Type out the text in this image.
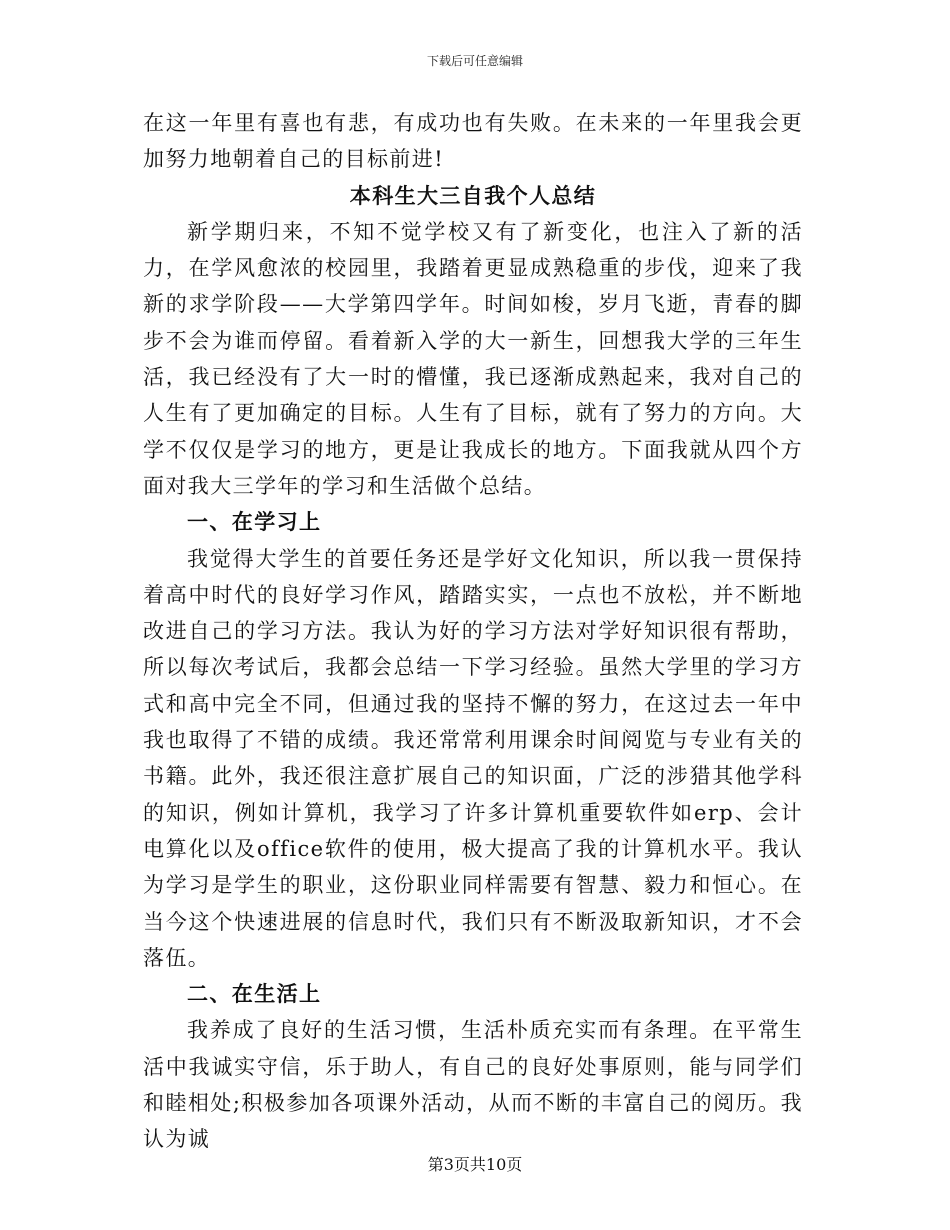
下载后可任意编辑

在这一年里有喜也有悲，有成功也有失败。在未来的一年里我会更加努力地朝着自己的目标前进!

本科生大三自我个人总结

新学期归来，不知不觉学校又有了新变化，也注入了新的活力，在学风愈浓的校园里，我踏着更显成熟稳重的步伐，迎来了我新的求学阶段——大学第四学年。时间如梭，岁月飞逝，青春的脚步不会为谁而停留。看着新入学的大一新生，回想我大学的三年生活，我已经没有了大一时的懵懂，我已逐渐成熟起来，我对自己的人生有了更加确定的目标。人生有了目标，就有了努力的方向。大学不仅仅是学习的地方，更是让我成长的地方。下面我就从四个方面对我大三学年的学习和生活做个总结。

一、在学习上

我觉得大学生的首要任务还是学好文化知识，所以我一贯保持着高中时代的良好学习作风，踏踏实实，一点也不放松，并不断地改进自己的学习方法。我认为好的学习方法对学好知识很有帮助，所以每次考试后，我都会总结一下学习经验。虽然大学里的学习方式和高中完全不同，但通过我的坚持不懈的努力，在这过去一年中我也取得了不错的成绩。我还常常利用课余时间阅览与专业有关的书籍。此外，我还很注意扩展自己的知识面，广泛的涉猎其他学科的知识，例如计算机，我学习了许多计算机重要软件如erp、会计电算化以及office软件的使用，极大提高了我的计算机水平。我认为学习是学生的职业，这份职业同样需要有智慧、毅力和恒心。在当今这个快速进展的信息时代，我们只有不断汲取新知识，才不会落伍。

二、在生活上

我养成了良好的生活习惯，生活朴质充实而有条理。在平常生活中我诚实守信，乐于助人，有自己的良好处事原则，能与同学们和睦相处;积极参加各项课外活动，从而不断的丰富自己的阅历。我认为诚

第3页共10页
